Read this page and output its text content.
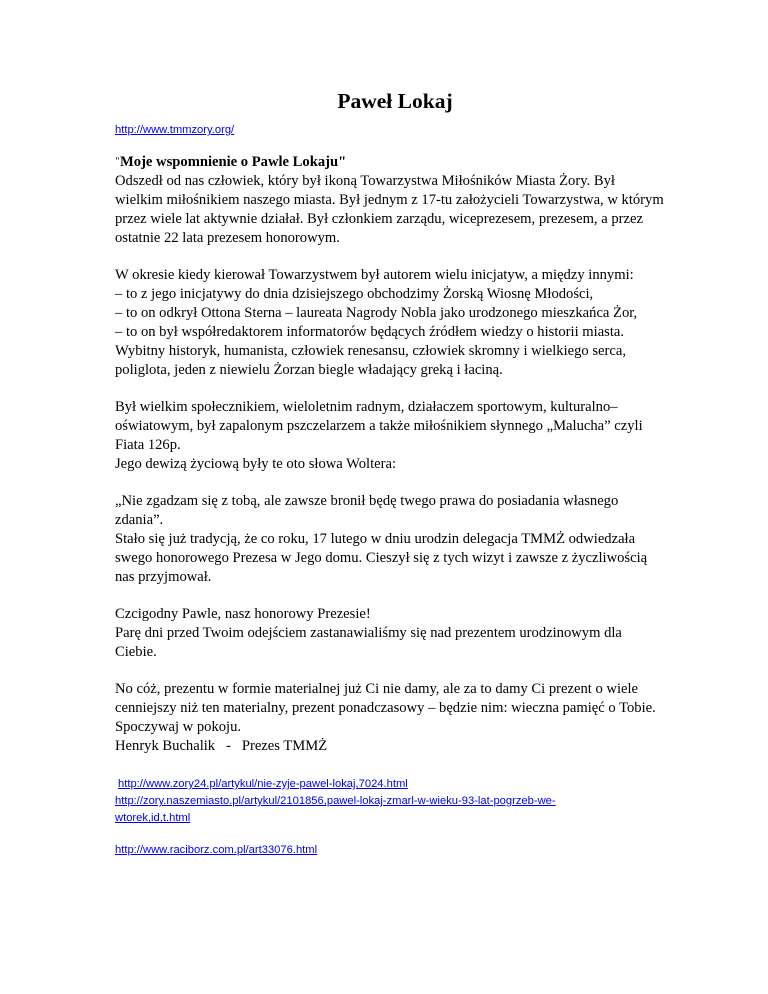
Paweł Lokaj
http://www.tmmzory.org/

"Moje wspomnienie o Pawle Lokaju"

Odszedł od nas człowiek, który był ikoną Towarzystwa Miłośników Miasta Żory. Był
wielkim miłośnikiem naszego miasta. Był jednym z 17-tu założycieli Towarzystwa, w którym
przez wiele lat aktywnie działał. Był członkiem zarządu, wiceprezesem, prezesem, a przez
ostatnie 22 lata prezesem honorowym.

W okresie kiedy kierował Towarzystwem był autorem wielu inicjatyw, a między innymi:
– to z jego inicjatywy do dnia dzisiejszego obchodzimy Żorską Wiosnę Młodości,
– to on odkrył Ottona Sterna – laureata Nagrody Nobla jako urodzonego mieszkańca Żor,
– to on był współredaktorem informatorów będących źródłem wiedzy o historii miasta.
Wybitny historyk, humanista, człowiek renesansu, człowiek skromny i wielkiego serca,
poliglota, jeden z niewielu Żorzan biegle władający greką i łaciną.

Był wielkim społecznikiem, wieloletnim radnym, działaczem sportowym, kulturalno–
oświatowym, był zapalonym pszczelarzem a także miłośnikiem słynnego „Malucha” czyli
Fiata 126p.
Jego dewizą życiową były te oto słowa Woltera:

„Nie zgadzam się z tobą, ale zawsze bronił będę twego prawa do posiadania własnego
zdania”.
Stało się już tradycją, że co roku, 17 lutego w dniu urodzin delegacja TMMŻ odwiedzała
swego honorowego Prezesa w Jego domu. Cieszył się z tych wizyt i zawsze z życzliwością
nas przyjmował.

Czcigodny Pawle, nasz honorowy Prezesie!
Parę dni przed Twoim odejściem zastanawialiśmy się nad prezentem urodzinowym dla
Ciebie.

No cóż, prezentu w formie materialnej już Ci nie damy, ale za to damy Ci prezent o wiele
cenniejszy niż ten materialny, prezent ponadczasowy – będzie nim: wieczna pamięć o Tobie.
Spoczywaj w pokoju.
Henryk Buchalik   -   Prezes TMMŻ

http://www.zory24.pl/artykul/nie-zyje-pawel-lokaj,7024.html
http://zory.naszemiasto.pl/artykul/2101856,pawel-lokaj-zmarl-w-wieku-93-lat-pogrzeb-we-
wtorek,id,t.html
http://www.raciborz.com.pl/art33076.html
